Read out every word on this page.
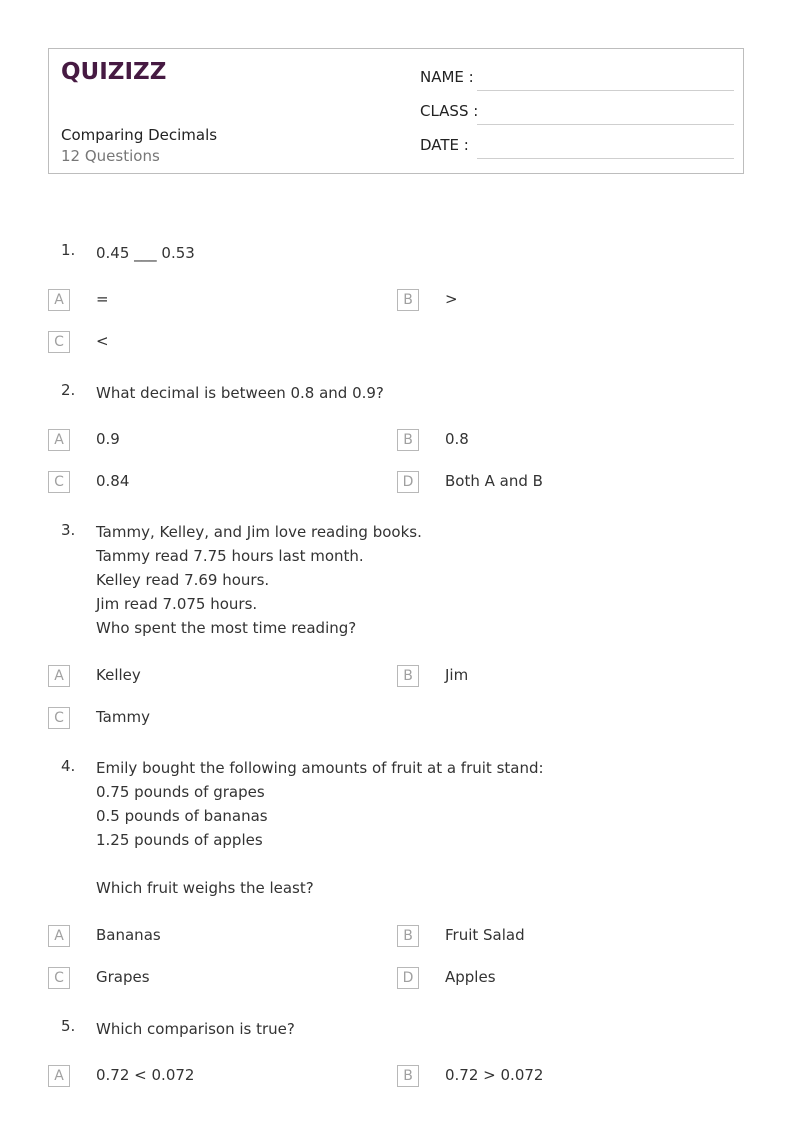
QUIZIZZ
Comparing Decimals
12 Questions
NAME :
CLASS :
DATE :
1. 0.45 ___ 0.53
A	=	B	>
C	<
2. What decimal is between 0.8 and 0.9?
A	0.9	B	0.8
C	0.84	D	Both A and B
3. Tammy, Kelley, and Jim love reading books.
Tammy read 7.75 hours last month.
Kelley read 7.69 hours.
Jim read 7.075 hours.
Who spent the most time reading?
A	Kelley	B	Jim
C	Tammy
4. Emily bought the following amounts of fruit at a fruit stand:
0.75 pounds of grapes
0.5 pounds of bananas
1.25 pounds of apples
Which fruit weighs the least?
A	Bananas	B	Fruit Salad
C	Grapes	D	Apples
5. Which comparison is true?
A	0.72 < 0.072	B	0.72 > 0.072
